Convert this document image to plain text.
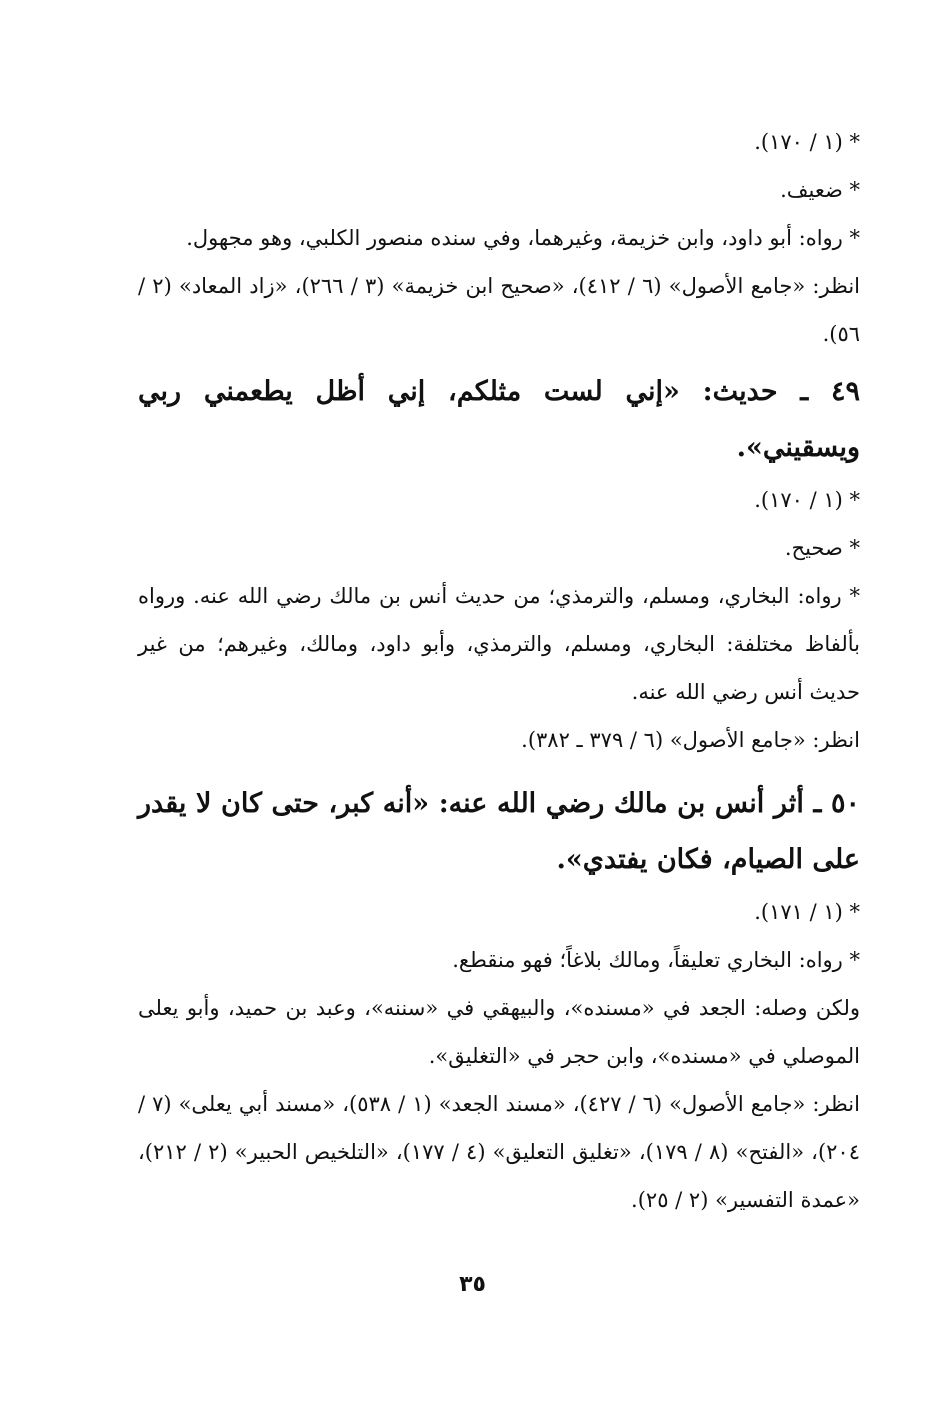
* (١ / ١٧٠).

* ضعيف.

* رواه: أبو داود، وابن خزيمة، وغيرهما، وفي سنده منصور الكلبي، وهو مجهول.

انظر: «جامع الأصول» (٦ / ٤١٢)، «صحيح ابن خزيمة» (٣ / ٢٦٦)، «زاد المعاد» (٢ / ٥٦).

٤٩ ـ حديث: «إني لست مثلكم، إني أظل يطعمني ربي ويسقيني».

* (١ / ١٧٠).

* صحيح.

* رواه: البخاري، ومسلم، والترمذي؛ من حديث أنس بن مالك رضي الله عنه. ورواه بألفاظ مختلفة: البخاري، ومسلم، والترمذي، وأبو داود، ومالك، وغيرهم؛ من غير حديث أنس رضي الله عنه.

انظر: «جامع الأصول» (٦ / ٣٧٩ ـ ٣٨٢).

٥٠ ـ أثر أنس بن مالك رضي الله عنه: «أنه كبر، حتى كان لا يقدر على الصيام، فكان يفتدي».

* (١ / ١٧١).

* رواه: البخاري تعليقاً، ومالك بلاغاً؛ فهو منقطع.

ولكن وصله: الجعد في «مسنده»، والبيهقي في «سننه»، وعبد بن حميد، وأبو يعلى الموصلي في «مسنده»، وابن حجر في «التغليق».

انظر: «جامع الأصول» (٦ / ٤٢٧)، «مسند الجعد» (١ / ٥٣٨)، «مسند أبي يعلى» (٧ / ٢٠٤)، «الفتح» (٨ / ١٧٩)، «تغليق التعليق» (٤ / ١٧٧)، «التلخيص الحبير» (٢ / ٢١٢)، «عمدة التفسير» (٢ / ٢٥).

٣٥
